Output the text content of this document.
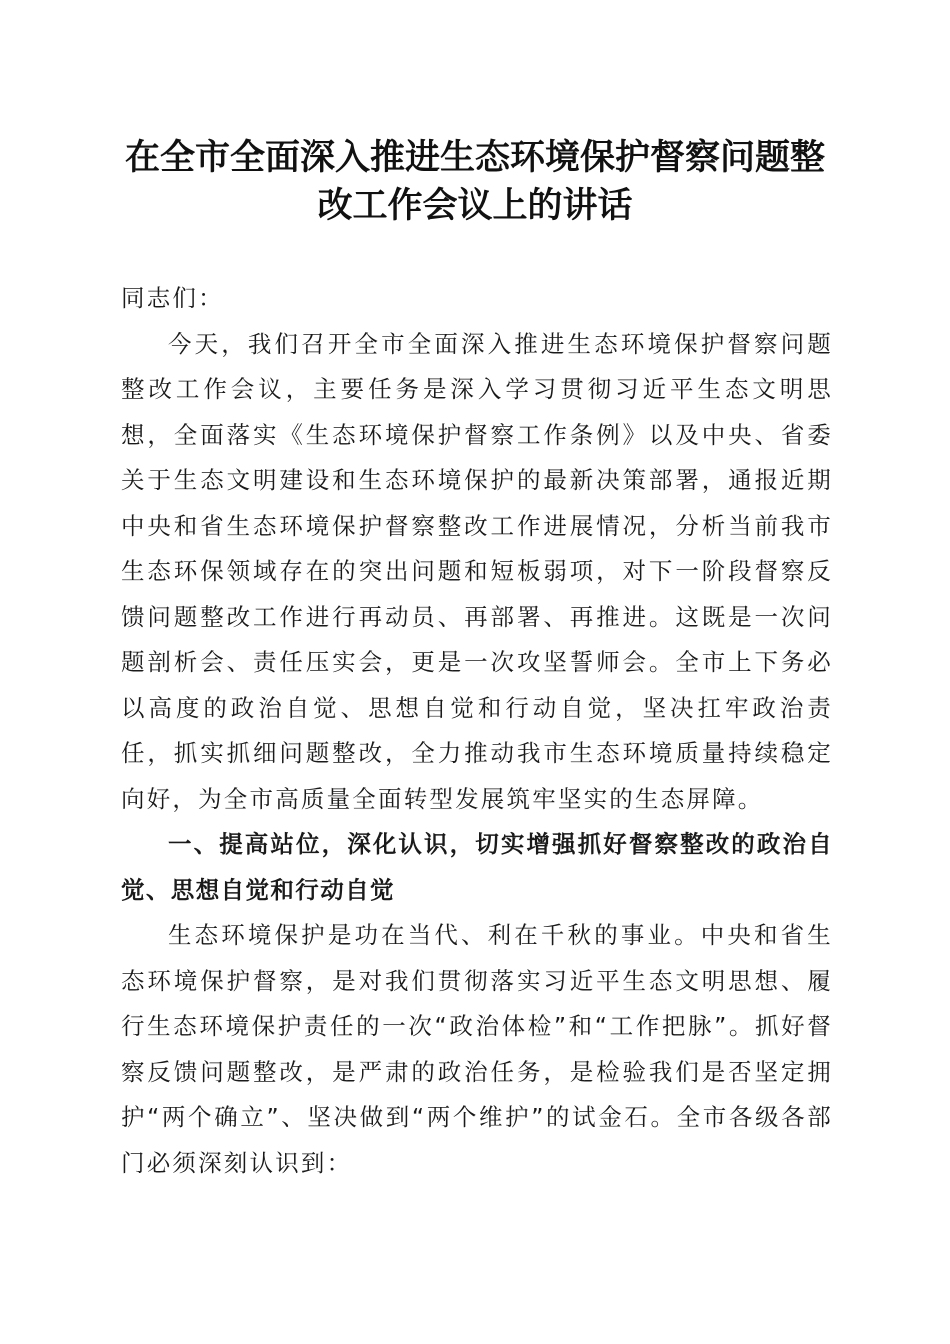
在全市全面深入推进生态环境保护督察问题整
改工作会议上的讲话

同志们：

今天，我们召开全市全面深入推进生态环境保护督察问题整改工作会议，主要任务是深入学习贯彻习近平生态文明思想，全面落实《生态环境保护督察工作条例》以及中央、省委关于生态文明建设和生态环境保护的最新决策部署，通报近期中央和省生态环境保护督察整改工作进展情况，分析当前我市生态环保领域存在的突出问题和短板弱项，对下一阶段督察反馈问题整改工作进行再动员、再部署、再推进。这既是一次问题剖析会、责任压实会，更是一次攻坚誓师会。全市上下务必以高度的政治自觉、思想自觉和行动自觉，坚决扛牢政治责任，抓实抓细问题整改，全力推动我市生态环境质量持续稳定向好，为全市高质量全面转型发展筑牢坚实的生态屏障。

一、提高站位，深化认识，切实增强抓好督察整改的政治自觉、思想自觉和行动自觉

生态环境保护是功在当代、利在千秋的事业。中央和省生态环境保护督察，是对我们贯彻落实习近平生态文明思想、履行生态环境保护责任的一次“政治体检”和“工作把脉”。抓好督察反馈问题整改，是严肃的政治任务，是检验我们是否坚定拥护“两个确立”、坚决做到“两个维护”的试金石。全市各级各部门必须深刻认识到：
